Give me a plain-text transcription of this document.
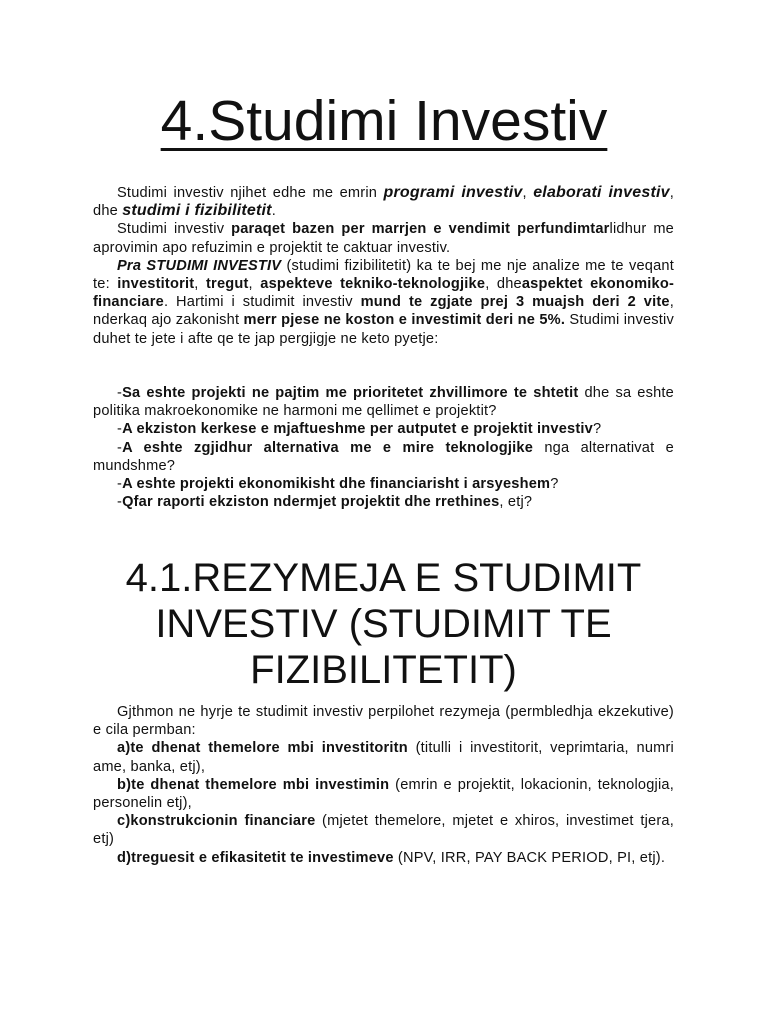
4.Studimi Investiv

Studimi investiv njihet edhe me emrin programi investiv, elaborati investiv, dhe studimi i fizibilitetit.

Studimi investiv paraqet bazen per marrjen e vendimit perfundimtarlidhur me aprovimin apo refuzimin e projektit te caktuar investiv.

Pra STUDIMI INVESTIV (studimi fizibilitetit) ka te bej me nje analize me te veqant te: investitorit, tregut, aspekteve tekniko-teknologjike, dheaspektet ekonomiko-financiare. Hartimi i studimit investiv mund te zgjate prej 3 muajsh deri 2 vite, nderkaq ajo zakonisht merr pjese ne koston e investimit deri ne 5%. Studimi investiv duhet te jete i afte qe te jap pergjigje ne keto pyetje:

-Sa eshte projekti ne pajtim me prioritetet zhvillimore te shtetit dhe sa eshte politika makroekonomike ne harmoni me qellimet e projektit?

-A ekziston kerkese e mjaftueshme per autputet e projektit investiv?

-A eshte zgjidhur alternativa me e mire teknologjike nga alternativat e mundshme?

-A eshte projekti ekonomikisht dhe financiarisht i arsyeshem?

-Qfar raporti ekziston ndermjet projektit dhe rrethines, etj?

4.1.REZYMEJA E STUDIMIT
INVESTIV (STUDIMIT TE
FIZIBILITETIT)

Gjthmon ne hyrje te studimit investiv perpilohet rezymeja (permbledhja ekzekutive) e cila permban:

a)te dhenat themelore mbi investitoritn (titulli i investitorit, veprimtaria, numri ame, banka, etj),

b)te dhenat themelore mbi investimin (emrin e projektit, lokacionin, teknologjia, personelin etj),

c)konstrukcionin financiare (mjetet themelore, mjetet e xhiros, investimet tjera, etj)

d)treguesit e efikasitetit te investimeve (NPV, IRR, PAY BACK PERIOD, PI, etj).
